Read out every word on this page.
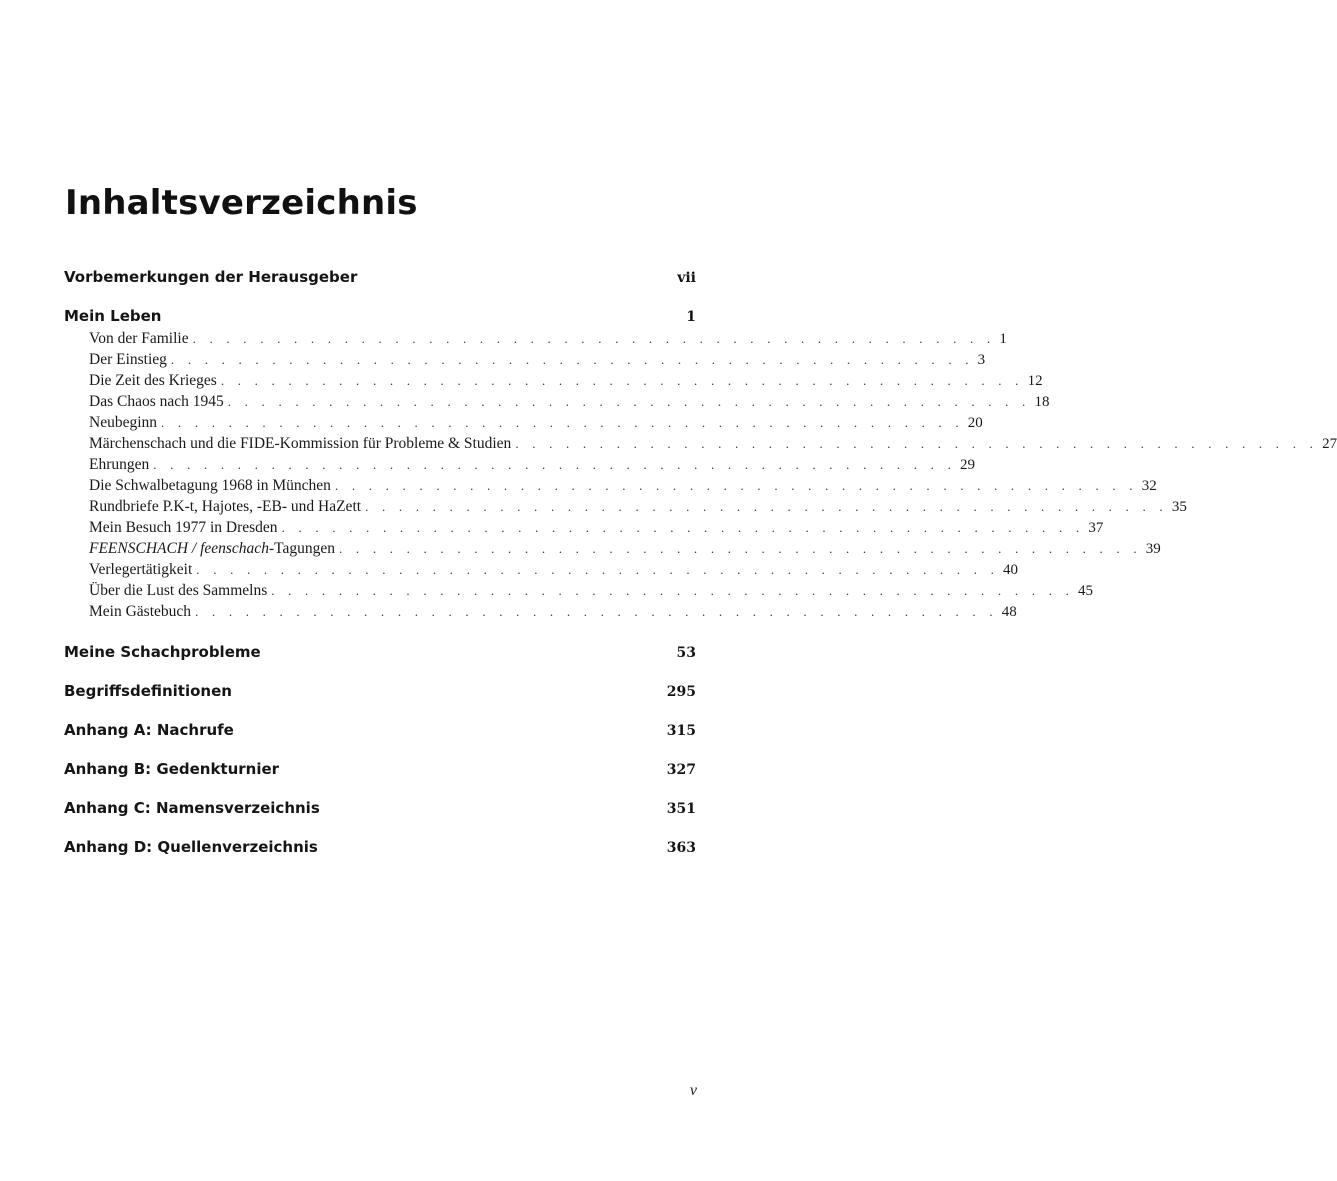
Inhaltsverzeichnis
Vorbemerkungen der Herausgeber	vii
Mein Leben	1
Von der Familie . . . . . . . . . . . . . . . . . . . . . . . . . . . . . . . . . . . . . . . . . . . . . . . . 1
Der Einstieg . . . . . . . . . . . . . . . . . . . . . . . . . . . . . . . . . . . . . . . . . . . . . . . . 3
Die Zeit des Krieges . . . . . . . . . . . . . . . . . . . . . . . . . . . . . . . . . . . . . . . . . . . . . . . . 12
Das Chaos nach 1945 . . . . . . . . . . . . . . . . . . . . . . . . . . . . . . . . . . . . . . . . . . . . . . . . 18
Neubeginn . . . . . . . . . . . . . . . . . . . . . . . . . . . . . . . . . . . . . . . . . . . . . . . . 20
Märchenschach und die FIDE-Kommission für Probleme & Studien . . . . . . . . . . . . . . . . . . . . . . . . . . . . . . . . . . . . . . . . . . . . . . . . 27
Ehrungen . . . . . . . . . . . . . . . . . . . . . . . . . . . . . . . . . . . . . . . . . . . . . . . . 29
Die Schwalbetagung 1968 in München . . . . . . . . . . . . . . . . . . . . . . . . . . . . . . . . . . . . . . . . . . . . . . . . 32
Rundbriefe P.K-t, Hajotes, -EB- und HaZett . . . . . . . . . . . . . . . . . . . . . . . . . . . . . . . . . . . . . . . . . . . . . . . . 35
Mein Besuch 1977 in Dresden . . . . . . . . . . . . . . . . . . . . . . . . . . . . . . . . . . . . . . . . . . . . . . . . 37
FEENSCHACH / feenschach-Tagungen . . . . . . . . . . . . . . . . . . . . . . . . . . . . . . . . . . . . . . . . . . . . . . . . 39
Verlegertätigkeit . . . . . . . . . . . . . . . . . . . . . . . . . . . . . . . . . . . . . . . . . . . . . . . . 40
Über die Lust des Sammelns . . . . . . . . . . . . . . . . . . . . . . . . . . . . . . . . . . . . . . . . . . . . . . . . 45
Mein Gästebuch . . . . . . . . . . . . . . . . . . . . . . . . . . . . . . . . . . . . . . . . . . . . . . . . 48
Meine Schachprobleme	53
Begriffsdefinitionen	295
Anhang A: Nachrufe	315
Anhang B: Gedenkturnier	327
Anhang C: Namensverzeichnis	351
Anhang D: Quellenverzeichnis	363
v
